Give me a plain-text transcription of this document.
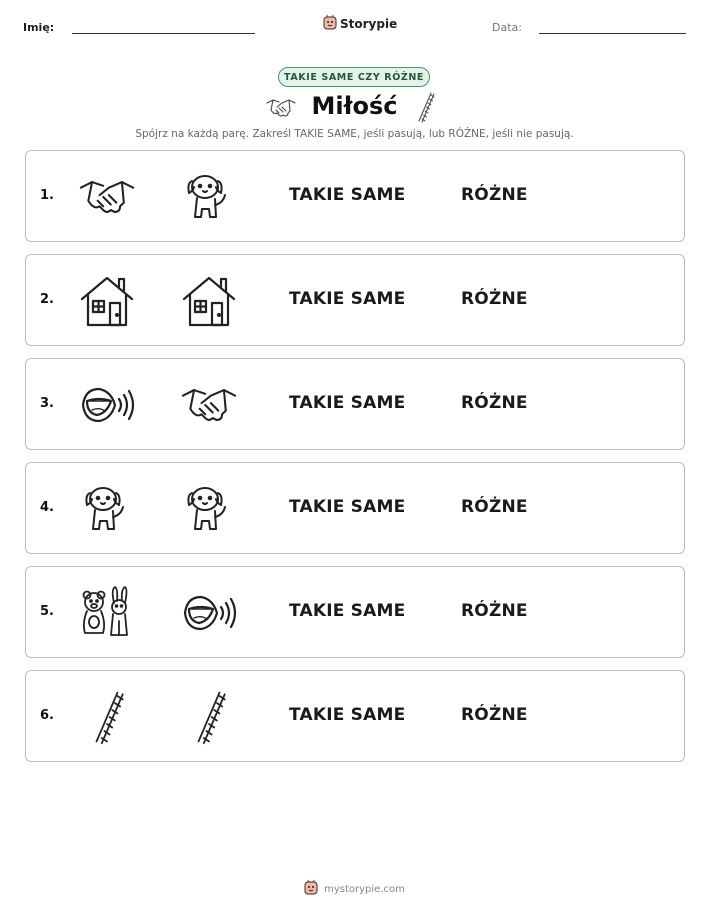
Imię:	Storypie	Data:
TAKIE SAME CZY RÓŻNE
Miłość
Spójrz na każdą parę. Zakreśl TAKIE SAME, jeśli pasują, lub RÓŻNE, jeśli nie pasują.
1.	TAKIE SAME	RÓŻNE
2.	TAKIE SAME	RÓŻNE
3.	TAKIE SAME	RÓŻNE
4.	TAKIE SAME	RÓŻNE
5.	TAKIE SAME	RÓŻNE
6.	TAKIE SAME	RÓŻNE
mystorypie.com
